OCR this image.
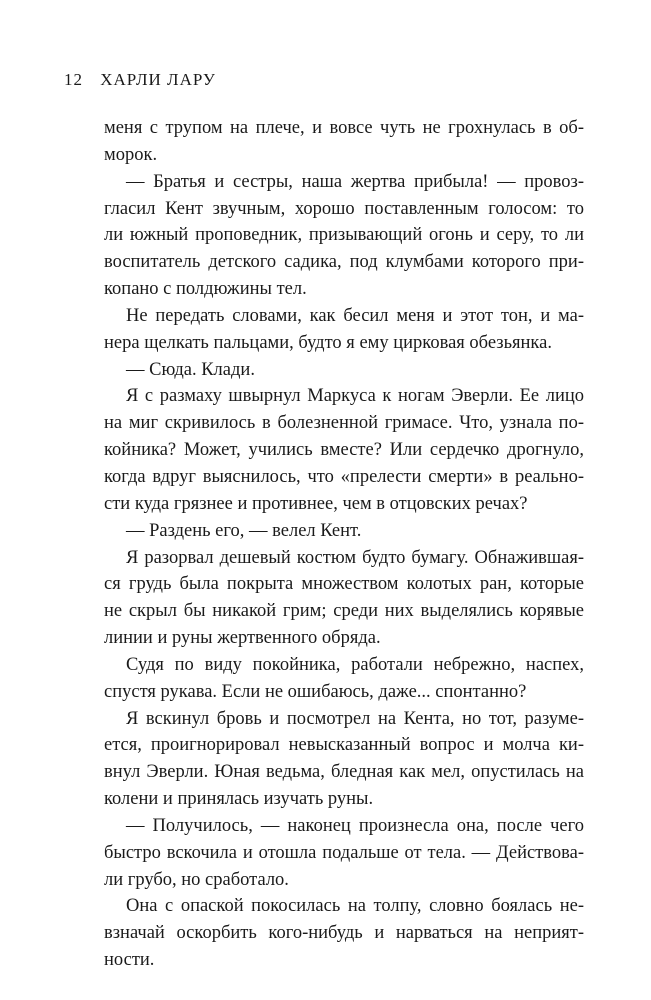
12 ХАРЛИ ЛАРУ
меня с трупом на плече, и вовсе чуть не грохнулась в об-
морок.
— Братья и сестры, наша жертва прибыла! — провоз-
гласил Кент звучным, хорошо поставленным голосом: то
ли южный проповедник, призывающий огонь и серу, то ли
воспитатель детского садика, под клумбами которого при-
копано с полдюжины тел.
Не передать словами, как бесил меня и этот тон, и ма-
нера щелкать пальцами, будто я ему цирковая обезьянка.
— Сюда. Клади.
Я с размаху швырнул Маркуса к ногам Эверли. Ее лицо
на миг скривилось в болезненной гримасе. Что, узнала по-
койника? Может, учились вместе? Или сердечко дрогнуло,
когда вдруг выяснилось, что «прелести смерти» в реально-
сти куда грязнее и противнее, чем в отцовских речах?
— Раздень его, — велел Кент.
Я разорвал дешевый костюм будто бумагу. Обнажившая-
ся грудь была покрыта множеством колотых ран, которые
не скрыл бы никакой грим; среди них выделялись корявые
линии и руны жертвенного обряда.
Судя по виду покойника, работали небрежно, наспех,
спустя рукава. Если не ошибаюсь, даже... спонтанно?
Я вскинул бровь и посмотрел на Кента, но тот, разуме-
ется, проигнорировал невысказанный вопрос и молча ки-
внул Эверли. Юная ведьма, бледная как мел, опустилась на
колени и принялась изучать руны.
— Получилось, — наконец произнесла она, после чего
быстро вскочила и отошла подальше от тела. — Действова-
ли грубо, но сработало.
Она с опаской покосилась на толпу, словно боялась не-
взначай оскорбить кого-нибудь и нарваться на неприят-
ности.
